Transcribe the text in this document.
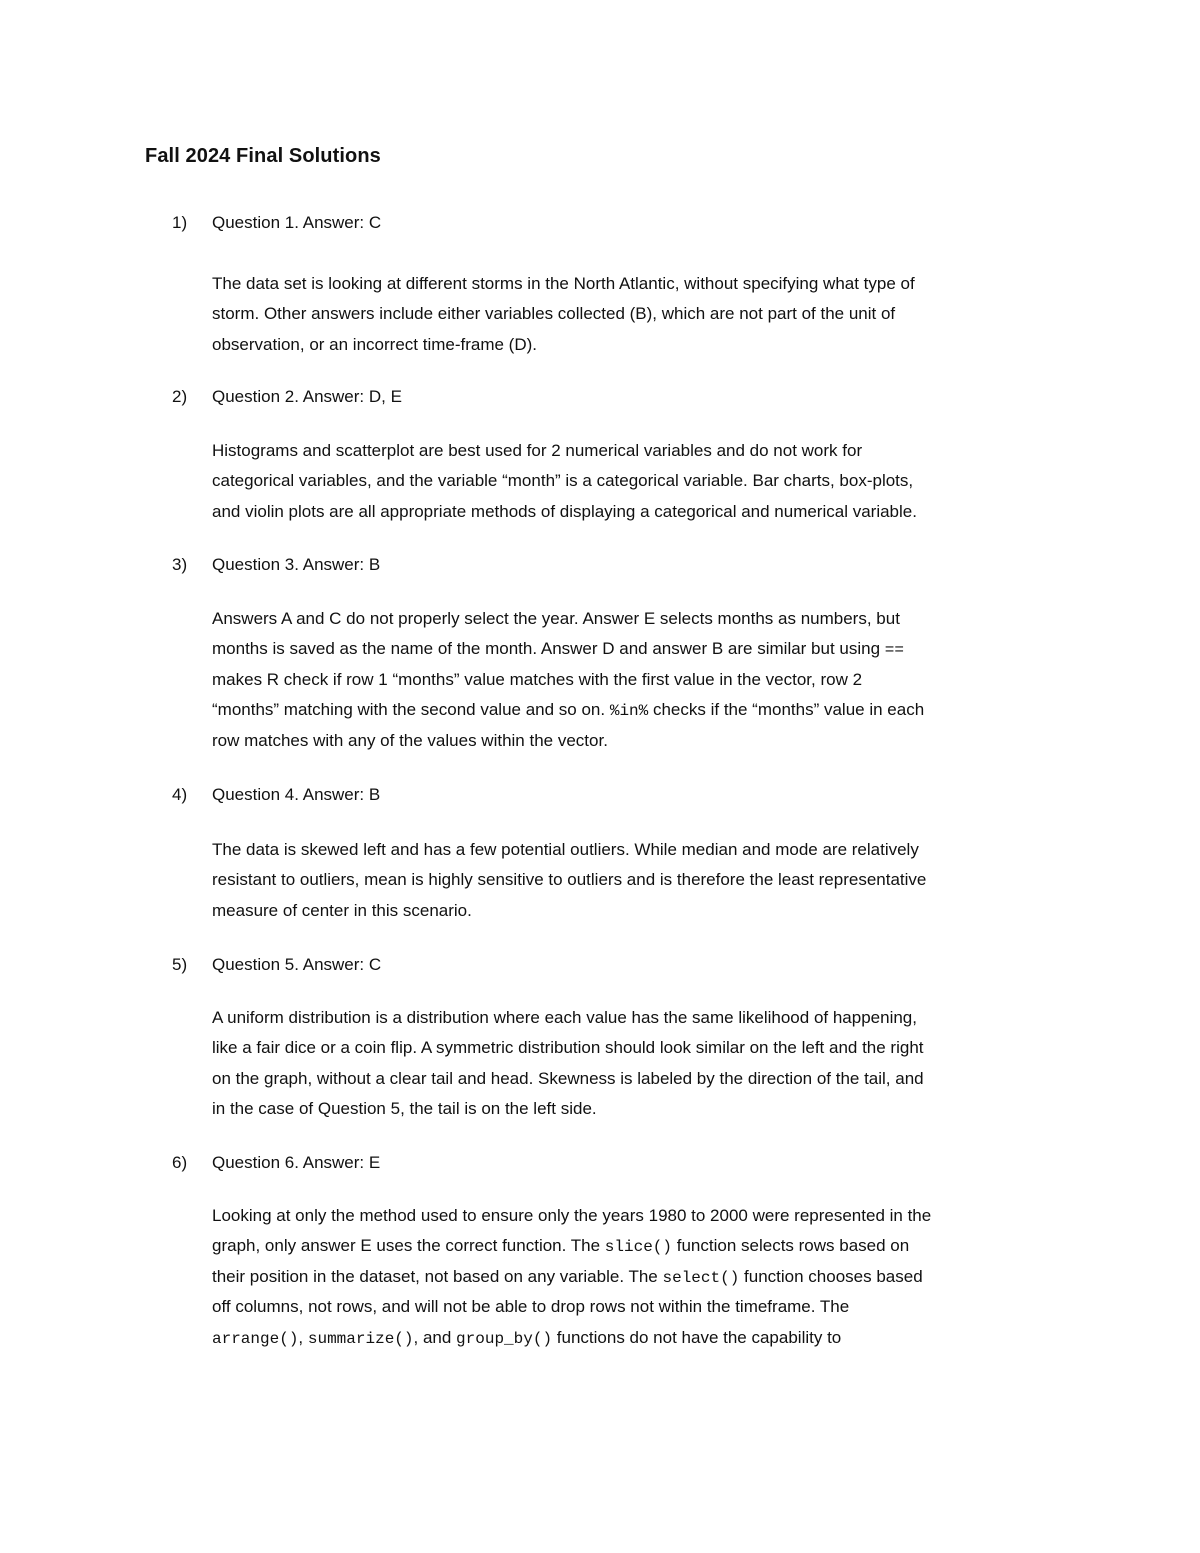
Fall 2024 Final Solutions
1) Question 1. Answer: C
The data set is looking at different storms in the North Atlantic, without specifying what type of
storm. Other answers include either variables collected (B), which are not part of the unit of
observation, or an incorrect time-frame (D).
2) Question 2. Answer: D, E
Histograms and scatterplot are best used for 2 numerical variables and do not work for
categorical variables, and the variable “month” is a categorical variable. Bar charts, box-plots,
and violin plots are all appropriate methods of displaying a categorical and numerical variable.
3) Question 3. Answer: B
Answers A and C do not properly select the year. Answer E selects months as numbers, but
months is saved as the name of the month. Answer D and answer B are similar but using ==
makes R check if row 1 “months” value matches with the first value in the vector, row 2
“months” matching with the second value and so on. %in% checks if the “months” value in each
row matches with any of the values within the vector.
4) Question 4. Answer: B
The data is skewed left and has a few potential outliers. While median and mode are relatively
resistant to outliers, mean is highly sensitive to outliers and is therefore the least representative
measure of center in this scenario.
5) Question 5. Answer: C
A uniform distribution is a distribution where each value has the same likelihood of happening,
like a fair dice or a coin flip. A symmetric distribution should look similar on the left and the right
on the graph, without a clear tail and head. Skewness is labeled by the direction of the tail, and
in the case of Question 5, the tail is on the left side.
6) Question 6. Answer: E
Looking at only the method used to ensure only the years 1980 to 2000 were represented in the
graph, only answer E uses the correct function. The slice() function selects rows based on
their position in the dataset, not based on any variable. The select() function chooses based
off columns, not rows, and will not be able to drop rows not within the timeframe. The
arrange(), summarize(), and group_by() functions do not have the capability to
